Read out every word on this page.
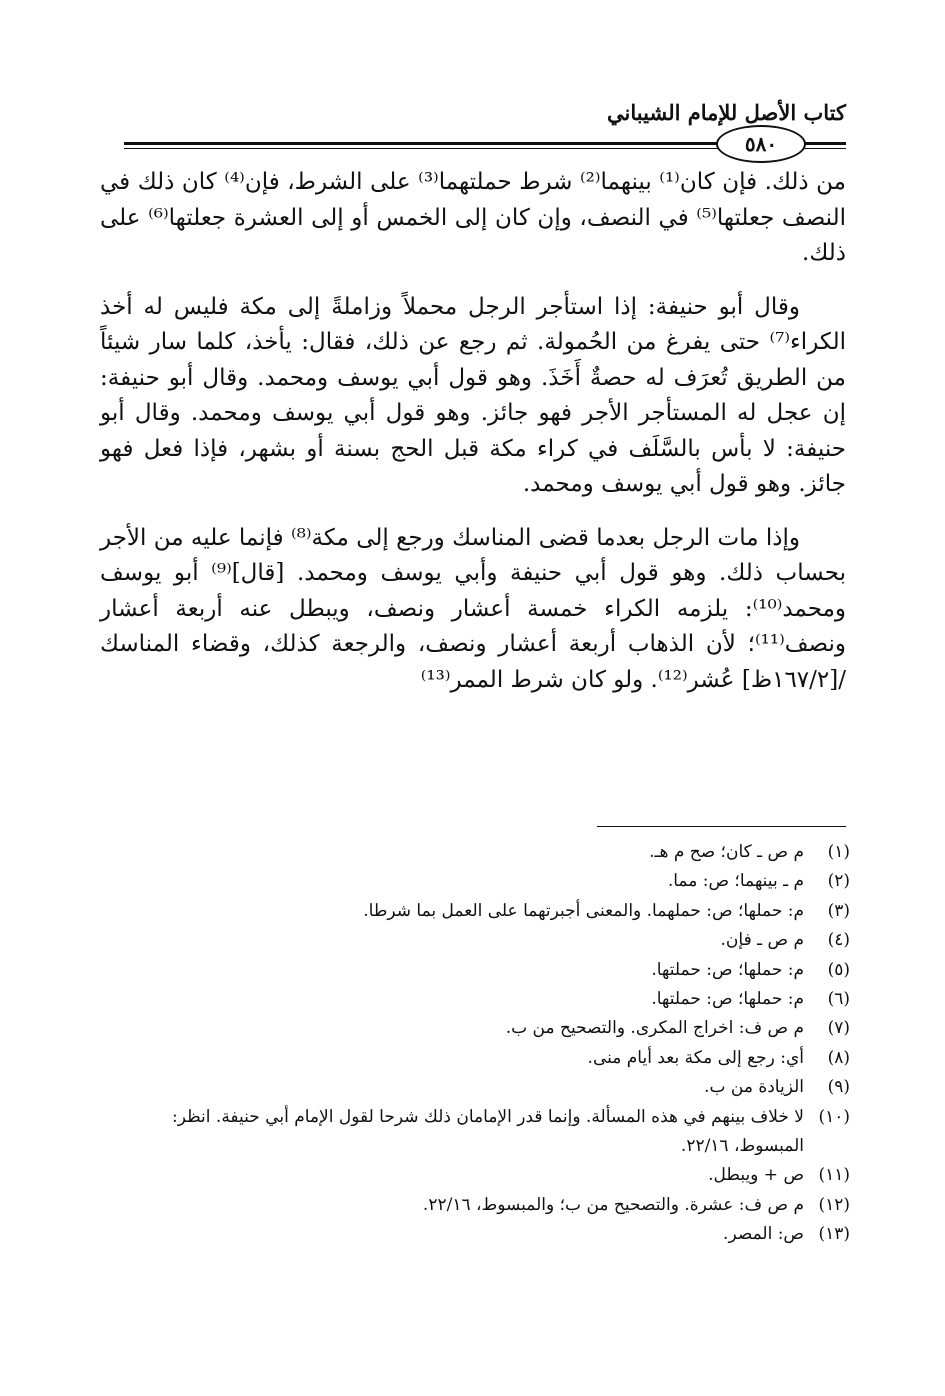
كتاب الأصل للإمام الشيباني
٥٨٠

من ذلك. فإن كان⁽¹⁾ بينهما⁽²⁾ شرط حملتهما⁽³⁾ على الشرط، فإن⁽⁴⁾ كان ذلك في النصف جعلتها⁽⁵⁾ في النصف، وإن كان إلى الخمس أو إلى العشرة جعلتها⁽⁶⁾ على ذلك.

وقال أبو حنيفة: إذا استأجر الرجل محملاً وزاملةً إلى مكة فليس له أخذ الكراء⁽⁷⁾ حتى يفرغ من الحُمولة. ثم رجع عن ذلك، فقال: يأخذ، كلما سار شيئاً من الطريق تُعرَف له حصةٌ أَخَذَ. وهو قول أبي يوسف ومحمد. وقال أبو حنيفة: إن عجل له المستأجر الأجر فهو جائز. وهو قول أبي يوسف ومحمد. وقال أبو حنيفة: لا بأس بالسَّلَف في كراء مكة قبل الحج بسنة أو بشهر، فإذا فعل فهو جائز. وهو قول أبي يوسف ومحمد.

وإذا مات الرجل بعدما قضى المناسك ورجع إلى مكة⁽⁸⁾ فإنما عليه من الأجر بحساب ذلك. وهو قول أبي حنيفة وأبي يوسف ومحمد. [قال]⁽⁹⁾ أبو يوسف ومحمد⁽¹⁰⁾: يلزمه الكراء خمسة أعشار ونصف، ويبطل عنه أربعة أعشار ونصف⁽¹¹⁾؛ لأن الذهاب أربعة أعشار ونصف، والرجعة كذلك، وقضاء المناسك /[١٦٧/٢ظ] عُشر⁽¹²⁾. ولو كان شرط الممر⁽¹³⁾

(١)
م ص ـ كان؛ صح م هـ.
(٢)
م ـ بينهما؛ ص: مما.
(٣)
م: حملها؛ ص: حملهما. والمعنى أجبرتهما على العمل بما شرطا.
(٤)
م ص ـ فإن.
(٥)
م: حملها؛ ص: حملتها.
(٦)
م: حملها؛ ص: حملتها.
(٧)
م ص ف: اخراج المكرى. والتصحيح من ب.
(٨)
أي: رجع إلى مكة بعد أيام منى.
(٩)
الزيادة من ب.
(١٠)
لا خلاف بينهم في هذه المسألة. وإنما قدر الإمامان ذلك شرحا لقول الإمام أبي حنيفة. انظر: المبسوط، ٢٢/١٦.
(١١)
ص + ويبطل.
(١٢)
م ص ف: عشرة. والتصحيح من ب؛ والمبسوط، ٢٢/١٦.
(١٣)
ص: المصر.
